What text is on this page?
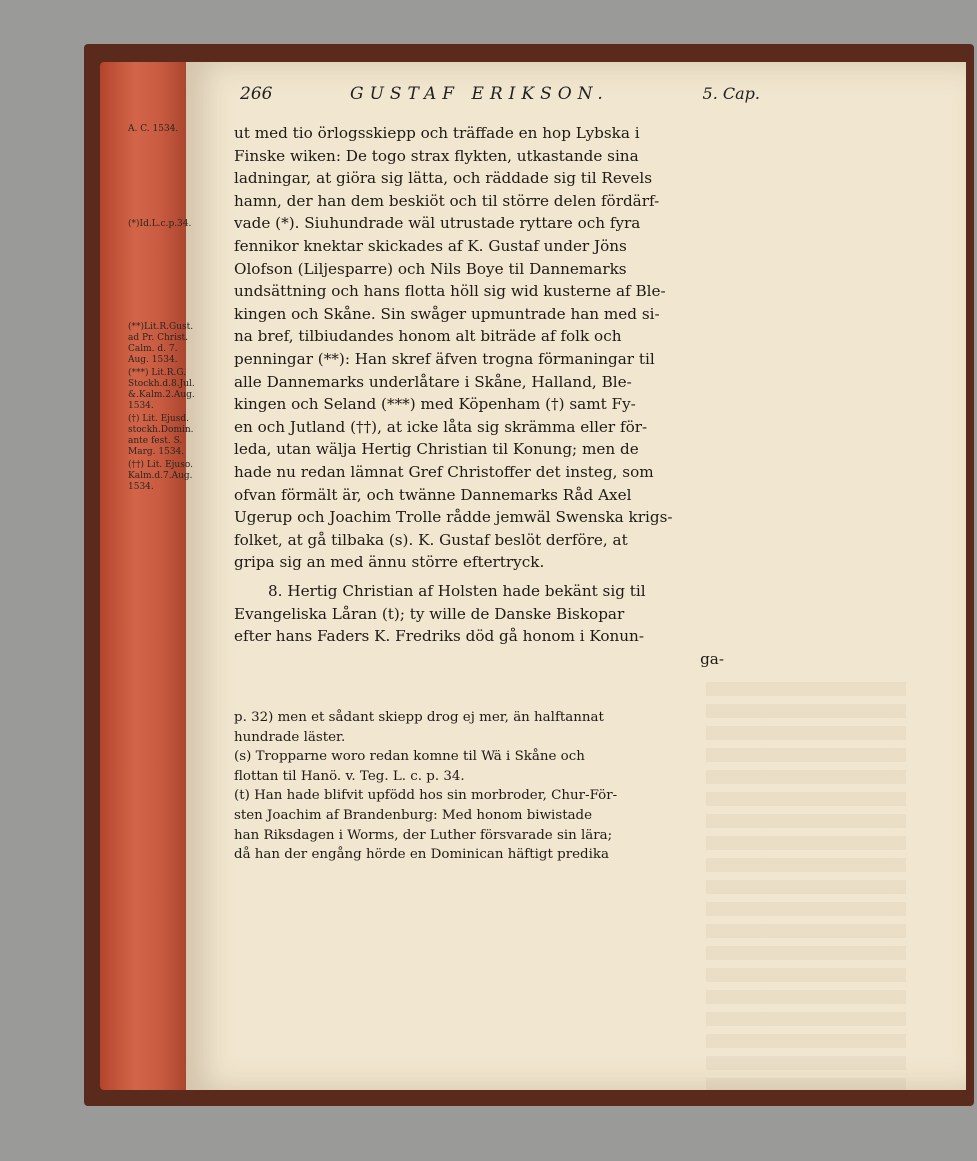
266	GUSTAF ERIKSON.	5. Cap.
A. C. 1534.
(*)Id.L.c.p.34.
(**)Lit.R.Gust.
ad Pr. Christ.
Calm. d. 7.
Aug. 1534.
(***) Lit.R.G.
Stockh.d.8.Jul.
&.Kalm.2.Aug.
1534.
(†) Lit. Ejusd.
stockh.Domin.
ante fest. S.
Marg. 1534.
(††) Lit. Ejuso.
Kalm.d.7.Aug.
1534.
ut med tio örlogsskiepp och träffade en hop Lybska i
Finske wiken: De togo strax flykten, utkastande sina
ladningar, at giöra sig lätta, och räddade sig til Revels
hamn, der han dem beskiöt och til större delen fördärf-
vade (*). Siuhundrade wäl utrustade ryttare och fyra
fennikor knektar skickades af K. Gustaf under Jöns
Olofson (Liljesparre) och Nils Boye til Dannemarks
undsättning och hans flotta höll sig wid kusterne af Ble-
kingen och Skåne. Sin swåger upmuntrade han med si-
na bref, tilbiudandes honom alt biträde af folk och
penningar (**): Han skref äfven trogna förmaningar til
alle Dannemarks underlåtare i Skåne, Halland, Ble-
kingen och Seland (***) med Köpenham (†) samt Fy-
en och Jutland (††), at icke låta sig skrämma eller för-
leda, utan wälja Hertig Christian til Konung; men de
hade nu redan lämnat Gref Christoffer det insteg, som
ofvan förmält är, och twänne Dannemarks Råd Axel
Ugerup och Joachim Trolle rådde jemwäl Swenska krigs-
folket, at gå tilbaka (s). K. Gustaf beslöt derföre, at
gripa sig an med ännu större eftertryck.
8. Hertig Christian af Holsten hade bekänt sig til
Evangeliska Låran (t); ty wille de Danske Biskopar
efter hans Faders K. Fredriks död gå honom i Konun-
ga-
p. 32) men et sådant skiepp drog ej mer, än halftannat
hundrade läster.
(s) Tropparne woro redan komne til Wä i Skåne och
flottan til Hanö. v. Teg. L. c. p. 34.
(t) Han hade blifvit upfödd hos sin morbroder, Chur-För-
sten Joachim af Brandenburg: Med honom biwistade
han Riksdagen i Worms, der Luther försvarade sin lära;
då han der engång hörde en Dominican häftigt predika
